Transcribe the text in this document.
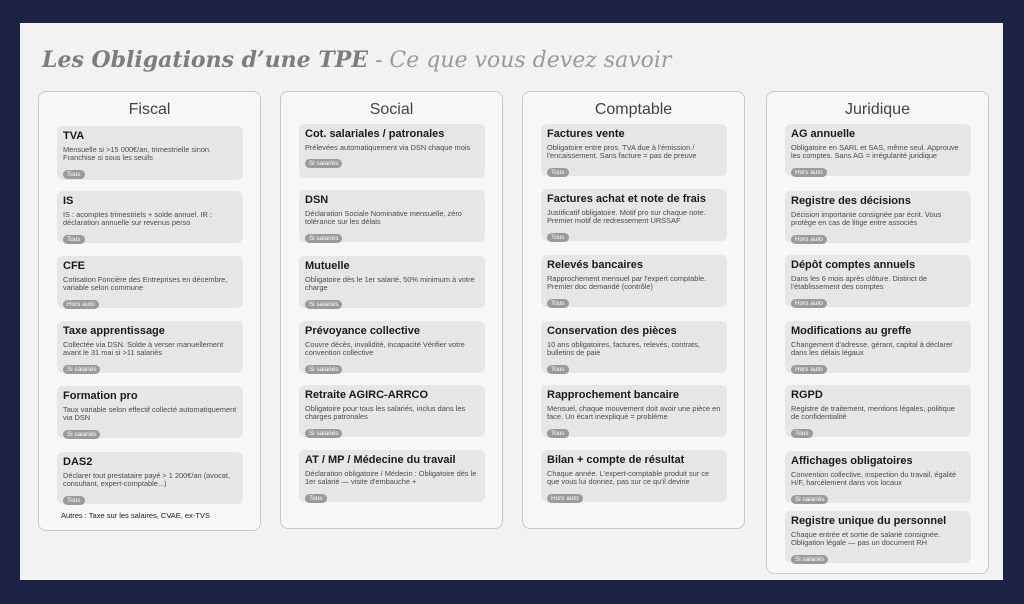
Les Obligations d’une TPE - Ce que vous devez savoir
Fiscal
TVA
Mensuelle si >15 000€/an, trimestrielle sinon. Franchise si sous les seuils
Tous
IS
IS : acomptes trimestriels + solde annuel. IR : déclaration annuelle sur revenus perso
Tous
CFE
Cotisation Foncière des Entreprises en décembre, variable selon commune
Hors auto
Taxe apprentissage
Collectée via DSN. Solde à verser manuellement avant le 31 mai si >11 salariés
Si salariés
Formation pro
Taux variable selon effectif collecté automatiquement via DSN
Si salariés
DAS2
Déclarer tout prestataire payé > 1 200€/an (avocat, consultant, expert-comptable...)
Tous
Autres : Taxe sur les salaires, CVAE, ex-TVS
Social
Cot. salariales / patronales
Prélevées automatiquement via DSN chaque mois
Si salariés
DSN
Déclaration Sociale Nominative mensuelle, zéro tolérance sur les délais
Si salariés
Mutuelle
Obligatoire dès le 1er salarié, 50% minimum à votre charge
Si salariés
Prévoyance collective
Couvre décès, invalidité, incapacité Vérifier votre convention collective
Si salariés
Retraite AGIRC-ARRCO
Obligatoire pour tous les salariés, inclus dans les charges patronales
Si salariés
AT / MP / Médecine du travail
Déclaration obligatoire / Médecin : Obligatoire dès le 1er salarié — visite d'embauche +
Tous
Comptable
Factures vente
Obligatoire entre pros. TVA due à l'émission / l'encaissement. Sans facture = pas de preuve
Tous
Factures achat et note de frais
Justificatif obligatoire. Motif pro sur chaque note. Premier motif de redressement URSSAF
Tous
Relevés bancaires
Rapprochement mensuel par l'expert comptable. Premier doc demandé (contrôle)
Tous
Conservation des pièces
10 ans obligatoires, factures, relevés, contrats, bulletins de paie
Tous
Rapprochement bancaire
Mensuel, chaque mouvement doit avoir une pièce en face. Un écart inexpliqué = problème
Tous
Bilan + compte de résultat
Chaque année. L'expert-comptable produit sur ce que vous lui donnez, pas sur ce qu'il devine
Hors auto
Juridique
AG annuelle
Obligatoire en SARL et SAS, même seul. Approuve les comptes. Sans AG = irrégularité juridique
Hors auto
Registre des décisions
Décision importante consignée par écrit. Vous protège en cas de litige entre associés
Hors auto
Dépôt comptes annuels
Dans les 6 mois après clôture. Distinct de l'établissement des comptes
Hors auto
Modifications au greffe
Changement d'adresse, gérant, capital à déclarer dans les délais légaux
Hors auto
RGPD
Registre de traitement, mentions légales, politique de confidentialité
Tous
Affichages obligatoires
Convention collective, inspection du travail, égalité H/F, harcèlement dans vos locaux
Si salariés
Registre unique du personnel
Chaque entrée et sortie de salarié consignée. Obligation légale — pas un document RH
Si salariés
